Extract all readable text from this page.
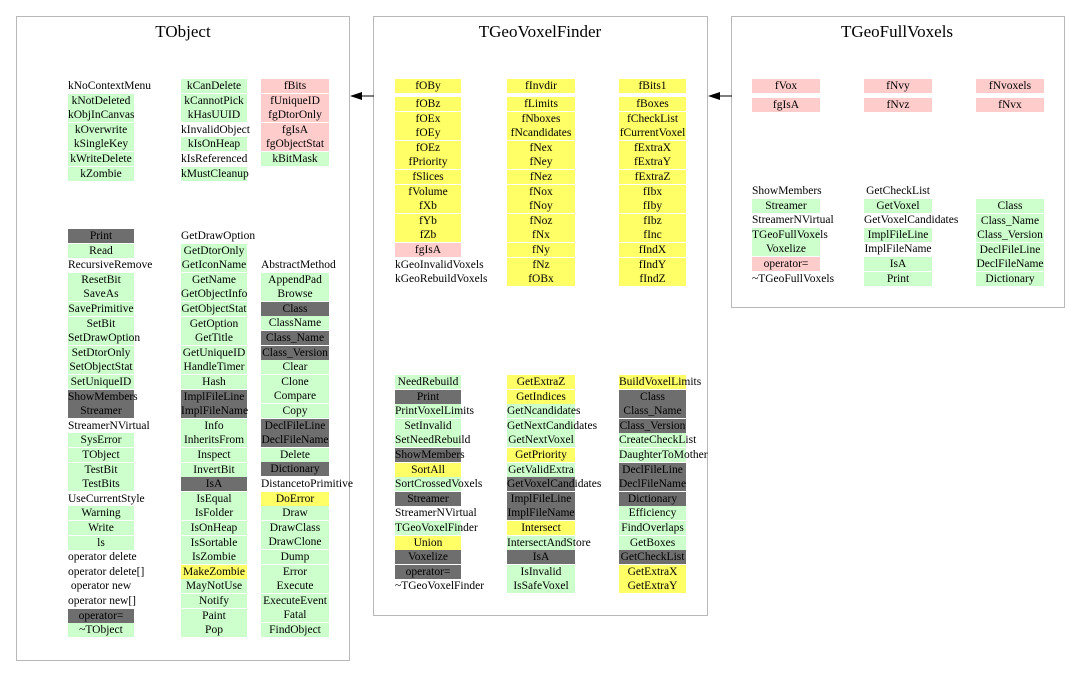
TObject	TGeoVoxelFinder	TGeoFullVoxels
kNoContextMenu
kNotDeleted
kObjInCanvas
kOverwrite
kSingleKey
kWriteDelete
kZombie
Print
Read
RecursiveRemove
ResetBit
SaveAs
SavePrimitive
SetBit
SetDrawOption
SetDtorOnly
SetObjectStat
SetUniqueID
ShowMembers
Streamer
StreamerNVirtual
SysError
TObject
TestBit
TestBits
UseCurrentStyle
Warning
Write
ls
operator delete
operator delete[]
operator new
operator new[]
operator=
~TObject
kCanDelete
kCannotPick
kHasUUID
kInvalidObject
kIsOnHeap
kIsReferenced
kMustCleanup
GetDrawOption
GetDtorOnly
GetIconName
GetName
GetObjectInfo
GetObjectStat
GetOption
GetTitle
GetUniqueID
HandleTimer
Hash
ImplFileLine
ImplFileName
Info
InheritsFrom
Inspect
InvertBit
IsA
IsEqual
IsFolder
IsOnHeap
IsSortable
IsZombie
MakeZombie
MayNotUse
Notify
Paint
Pop
fBits
fUniqueID
fgDtorOnly
fgIsA
fgObjectStat
kBitMask
AbstractMethod
AppendPad
Browse
Class
ClassName
Class_Name
Class_Version
Clear
Clone
Compare
Copy
DeclFileLine
DeclFileName
Delete
Dictionary
DistancetoPrimitive
DoError
Draw
DrawClass
DrawClone
Dump
Error
Execute
ExecuteEvent
Fatal
FindObject
fOBy
fOBz
fOEx
fOEy
fOEz
fPriority
fSlices
fVolume
fXb
fYb
fZb
fgIsA
kGeoInvalidVoxels
kGeoRebuildVoxels
NeedRebuild
Print
PrintVoxelLimits
SetInvalid
SetNeedRebuild
ShowMembers
SortAll
SortCrossedVoxels
Streamer
StreamerNVirtual
TGeoVoxelFinder
Union
Voxelize
operator=
~TGeoVoxelFinder
fInvdir
fLimits
fNboxes
fNcandidates
fNex
fNey
fNez
fNox
fNoy
fNoz
fNx
fNy
fNz
fOBx
GetExtraZ
GetIndices
GetNcandidates
GetNextCandidates
GetNextVoxel
GetPriority
GetValidExtra
GetVoxelCandidates
ImplFileLine
ImplFileName
Intersect
IntersectAndStore
IsA
IsInvalid
IsSafeVoxel
fBits1
fBoxes
fCheckList
fCurrentVoxel
fExtraX
fExtraY
fExtraZ
fIbx
fIby
fIbz
fInc
fIndX
fIndY
fIndZ
BuildVoxelLimits
Class
Class_Name
Class_Version
CreateCheckList
DaughterToMother
DeclFileLine
DeclFileName
Dictionary
Efficiency
FindOverlaps
GetBoxes
GetCheckList
GetExtraX
GetExtraY
fVox
fgIsA
ShowMembers
Streamer
StreamerNVirtual
TGeoFullVoxels
Voxelize
operator=
~TGeoFullVoxels
fNvy
fNvz
GetCheckList
GetVoxel
GetVoxelCandidates
ImplFileLine
ImplFileName
IsA
Print
fNvoxels
fNvx
Class
Class_Name
Class_Version
DeclFileLine
DeclFileName
Dictionary
